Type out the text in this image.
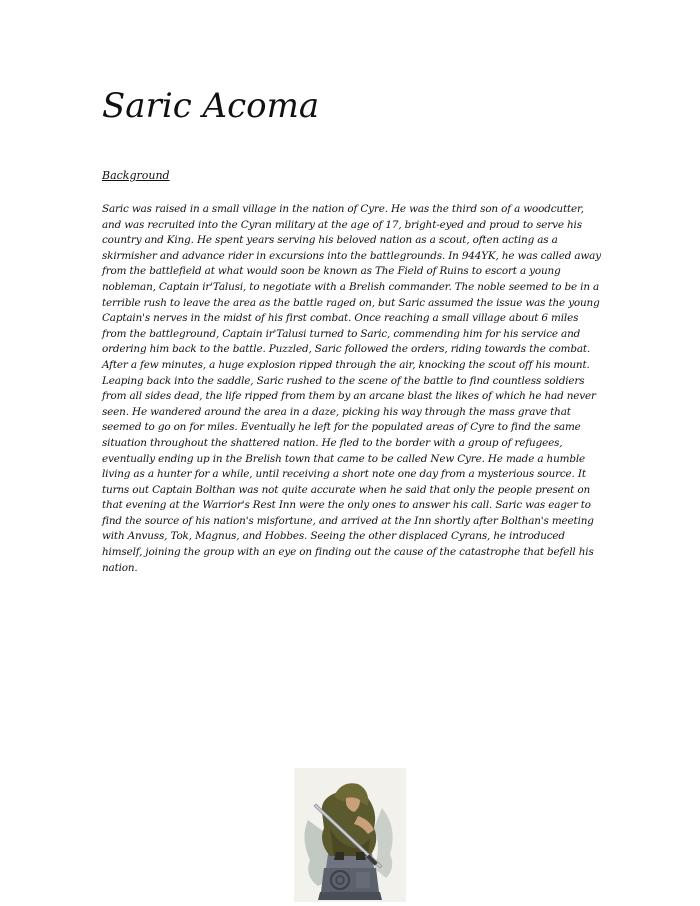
Saric Acoma
Background

Saric was raised in a small village in the nation of Cyre. He was the third son of a woodcutter, and was recruited into the Cyran military at the age of 17, bright-eyed and proud to serve his country and King. He spent years serving his beloved nation as a scout, often acting as a skirmisher and advance rider in excursions into the battlegrounds. In 944YK, he was called away from the battlefield at what would soon be known as The Field of Ruins to escort a young nobleman, Captain ir'Talusi, to negotiate with a Brelish commander. The noble seemed to be in a terrible rush to leave the area as the battle raged on, but Saric assumed the issue was the young Captain's nerves in the midst of his first combat. Once reaching a small village about 6 miles from the battleground, Captain ir'Talusi turned to Saric, commending him for his service and ordering him back to the battle. Puzzled, Saric followed the orders, riding towards the combat. After a few minutes, a huge explosion ripped through the air, knocking the scout off his mount. Leaping back into the saddle, Saric rushed to the scene of the battle to find countless soldiers from all sides dead, the life ripped from them by an arcane blast the likes of which he had never seen. He wandered around the area in a daze, picking his way through the mass grave that seemed to go on for miles. Eventually he left for the populated areas of Cyre to find the same situation throughout the shattered nation. He fled to the border with a group of refugees, eventually ending up in the Brelish town that came to be called New Cyre. He made a humble living as a hunter for a while, until receiving a short note one day from a mysterious source. It turns out Captain Bolthan was not quite accurate when he said that only the people present on that evening at the Warrior's Rest Inn were the only ones to answer his call. Saric was eager to find the source of his nation's misfortune, and arrived at the Inn shortly after Bolthan's meeting with Anvuss, Tok, Magnus, and Hobbes. Seeing the other displaced Cyrans, he introduced himself, joining the group with an eye on finding out the cause of the catastrophe that befell his nation.
